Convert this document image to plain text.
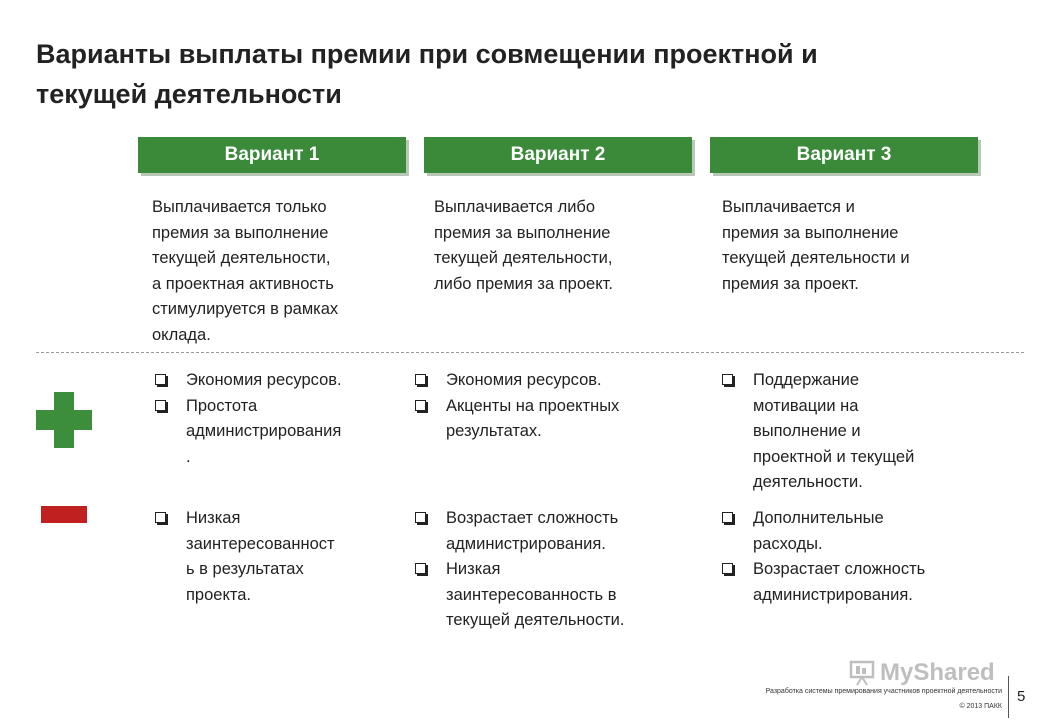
Варианты выплаты премии при совмещении проектной и
текущей деятельности
Вариант 1	Вариант 2	Вариант 3
Выплачивается только
премия за выполнение
текущей деятельности,
а проектная активность
стимулируется в рамках
оклада.
Выплачивается либо
премия за выполнение
текущей деятельности,
либо премия за проект.
Выплачивается и
премия за выполнение
текущей деятельности и
премия за проект.
Экономия ресурсов.
Простота
администрирования
.
Экономия ресурсов.
Акценты на проектных
результатах.
Поддержание
мотивации на
выполнение и
проектной и текущей
деятельности.
Низкая
заинтересованност
ь в результатах
проекта.
Возрастает сложность
администрирования.
Низкая
заинтересованность в
текущей деятельности.
Дополнительные
расходы.
Возрастает сложность
администрирования.
MyShared
Разработка системы премирования участников проектной деятельности
© 2013 ПАКК
5
